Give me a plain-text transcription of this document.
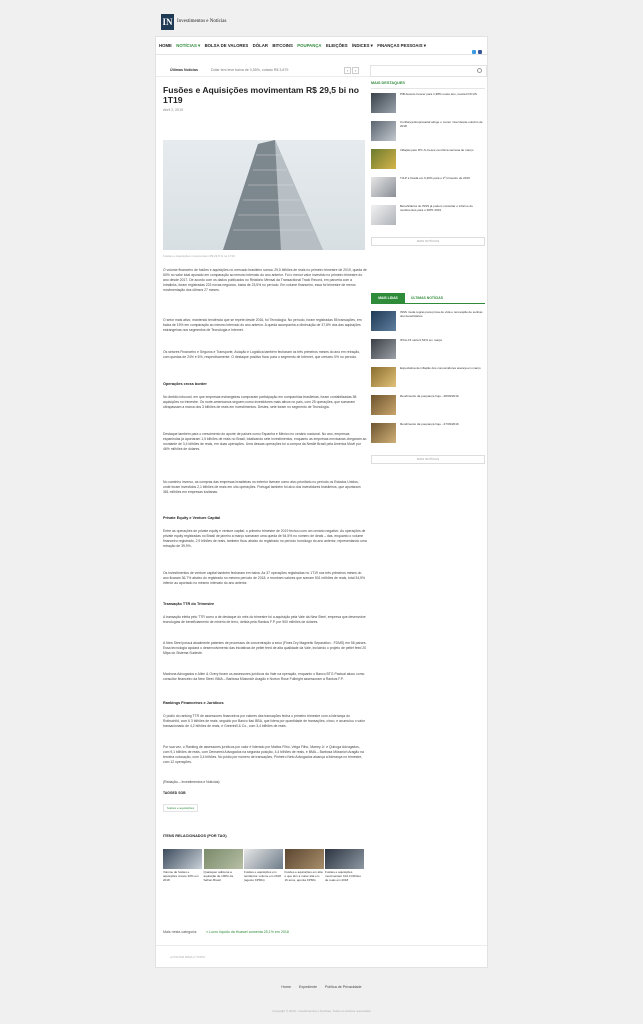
IN Investimentos e Notícias
HOME NOTÍCIAS ▾ BOLSA DE VALORES DÓLAR BITCOINS POUPANÇA ELEIÇÕES ÍNDICES ▾ FINANÇAS PESSOAIS ▾
Últimas Notícias	Dólar tem leve baixa de 0,55%, cotado R$ 3,879	‹	›
Fusões e Aquisições movimentam R$ 29,5 bi no 1T19
Abril 2, 2019
Fusões e Aquisições movimentam R$ 29,5 bi no 1T19

O volume financeiro de fusões e aquisições no mercado brasileiro somou 29,5 bilhões de reais no primeiro trimestre de 2019, queda de 60% no valor total apurado em comparação ao mesmo intervalo do ano anterior. Foi o menor valor investido no primeiro trimestre do ano desde 2017. De acordo com os dados publicados no Relatório Mensal da Transactional Track Record, em parceria com a Intralinks, foram registradas 223 novas negócios, baixa de 23,5% no período. Em volume financeiro, essa foi trimestre de menor movimentação dos últimos 27 meses.

O setor mais ativo, mantendo tendência que se repete desde 2016, foi Tecnologia. No período, foram registradas 55 transações, em baixa de 15% em comparação ao mesmo intervalo do ano anterior. A queda acompanha a diminuição de 37,8% dos das aquisições estrangeiras nos segmentos de Tecnologia e Internet.

Os setores Financeiro e Seguros e Transporte, Aviação e Logística também fecharam os três primeiros meses do ano em retração, com quedas de 24% e 6%, respectivamente. O destaque positivo ficou para o segmento de Internet, que cresceu 0% no período.

Operações cross border

No âmbito inbound, em que empresas estrangeiras compraram participação em companhias brasileiras, foram contabilizadas 58 aquisições no trimestre. Os norte-americanos seguem como investidores mais ativos no país, com 25 operações, que somaram ultrapassam a marca dos 3 bilhões de reais em investimentos. Destes, sete foram no segmento de Tecnologia.

Destaque também para o crescimento do aporte de países como Espanha e México no cenário nacional. No ano, empresas espanholas já aportaram 1,5 bilhões de reais no Brasil, totalizando sete investimentos, enquanto as empresas mexicanas chegaram ao montante de 3,4 bilhões de reais, em duas operações. Uma dessas operações foi a compra da Nestlé Brasil pela América Móvil por 46% milhões de dólares.

No caminho inverso, as compras das empresas brasileiras no exterior tiveram como alvo prioritário no período os Estados Unidos, onde foram investidos 2,1 bilhões de reais em oito operações. Portugal também foi alvo dos investidores brasileiros, que aportaram 381 milhões em empresas lusitanas.

Private Equity e Venture Capital

Entre as operações de private equity e venture capital, o primeiro trimestre de 2019 fechou com um cenário negativo. As operações de private equity registradas no Brasil de janeiro a março somaram uma queda de 54,5% no número de deals – das, enquanto o volume financeiro registrado, 2,9 bilhões de reais, também ficou abaixo do registrado no período homólogo do ano anterior, representando uma retração de 39,9%.

Os investimentos de venture capital também fecharam em baixa. As 37 operações registradas no 1T19 nos três primeiros meses do ano ficaram 36,7% abaixo do registrado no mesmo período de 2018, e reuniram valores que somam 501 milhões de reais, total 34,5% inferior ao aportado no mesmo intervalo do ano anterior.

Transação TTR do Trimestre

A transação eleita pelo TTR como a de destaque do mês do trimestre foi a aquisição pela Vale da New Steel, empresa que desenvolve tecnologias de beneficiamento de minério de ferro, detida pela Rankos F.P. por 500 milhões de dólares.

A New Steel possui atualmente patentes de processos de concentração a seco (Fines Dry Magnetic Separation - FDMS) em 56 países. Essa tecnologia apoiará o desenvolvimento das iniciativas de pellet feed de alta qualidade da Vale, incluindo o projeto de pellet feed 20 Mtpa do Sistema Sudeste.

Madrona Advogados e Allen & Overy foram os assessores jurídicos da Vale na operação, enquanto o Banco BTG Pactual atuou como consultor financeiro da New Steel. BMA – Barbosa Müssnich Aragão e Norton Rose Fulbright assessoram a Rankos F.P.

Rankings Financeiros e Jurídicos

O pódio do ranking TTR de assessores financeiros por valores das transações fecha o primeiro trimestre com a liderança do Rothschild, com 6 3 bilhões de reais, seguido por Banco Itaú BBA, que lidera por quantidade de transações, cinco, e acumulou o valor transacionado de 4,2 bilhões de reais, e Greenhill & Co., com 3,4 bilhões de reais.

Por sua vez, o Ranking de assessores jurídicos por valor é liderado por Mattos Filho, Veiga Filho, Marrey Jr. e Quiroga Advogados, com 9,1 bilhões de reais, com Demarest Advogados na segunda posição, 4,4 bilhões de reais, e BMA – Barbosa Müssnich Aragão na terceira colocação, com 3,4 bilhões. No pódio por número de transações, Pinheiro Neto Advogados alcança a liderança no trimestre, com 12 operações.

(Redação – Investimentos e Notícias)

TAGGED SOB
fusões e aquisições
ITENS RELACIONADOS (POR TAG)
Volume de fusões e aquisições cresce 20% em 2018
Quaisquer adiciona a aquisição de 100% da Safran Brasil
Fusões e aquisições em tendência: volume em 2018 (agosto KPMG)
Fusões e aquisições em alta e que têm a maior alta em 16 anos, aponta KPMG
Fusões e aquisições movimentam 102,4 bilhões de reais em 2018
Mais nesta categoria:	« Lucro líquido da Huawei aumenta 25,1% em 2018
◂ VOLTAR PARA O TOPO
MAIS DESTAQUES
PIB deverá crescer para 1,98% neste ano, revela FOCUS
Confiança Empresarial atinge o menor nível desde outubro de 2018
Inflação pelo IPC-S cresce na última semana de março
TJLP é fixada em 6,26% para o 2º trimestre de 2019
Beneficiários do INSS já podem consultar o informe de rendimentos para o IRPF 2019
MAIS NOTÍCIAS
MAIS LIDAS	ÚLTIMAS NOTÍCIAS
INSS muda regras para prova de vida e renovação de senhas dos beneficiários
IPCA-15 varia 0,54% em março
Expectativa de inflação dos consumidores avança em março
Rendimento da poupança hoje - 28/03/2019
Rendimento da poupança hoje - 27/03/2019
MAIS NOTÍCIAS
Home Expediente Política de Privacidade
Copyright © 2019 - Investimentos e Notícias. Todos os direitos reservados
